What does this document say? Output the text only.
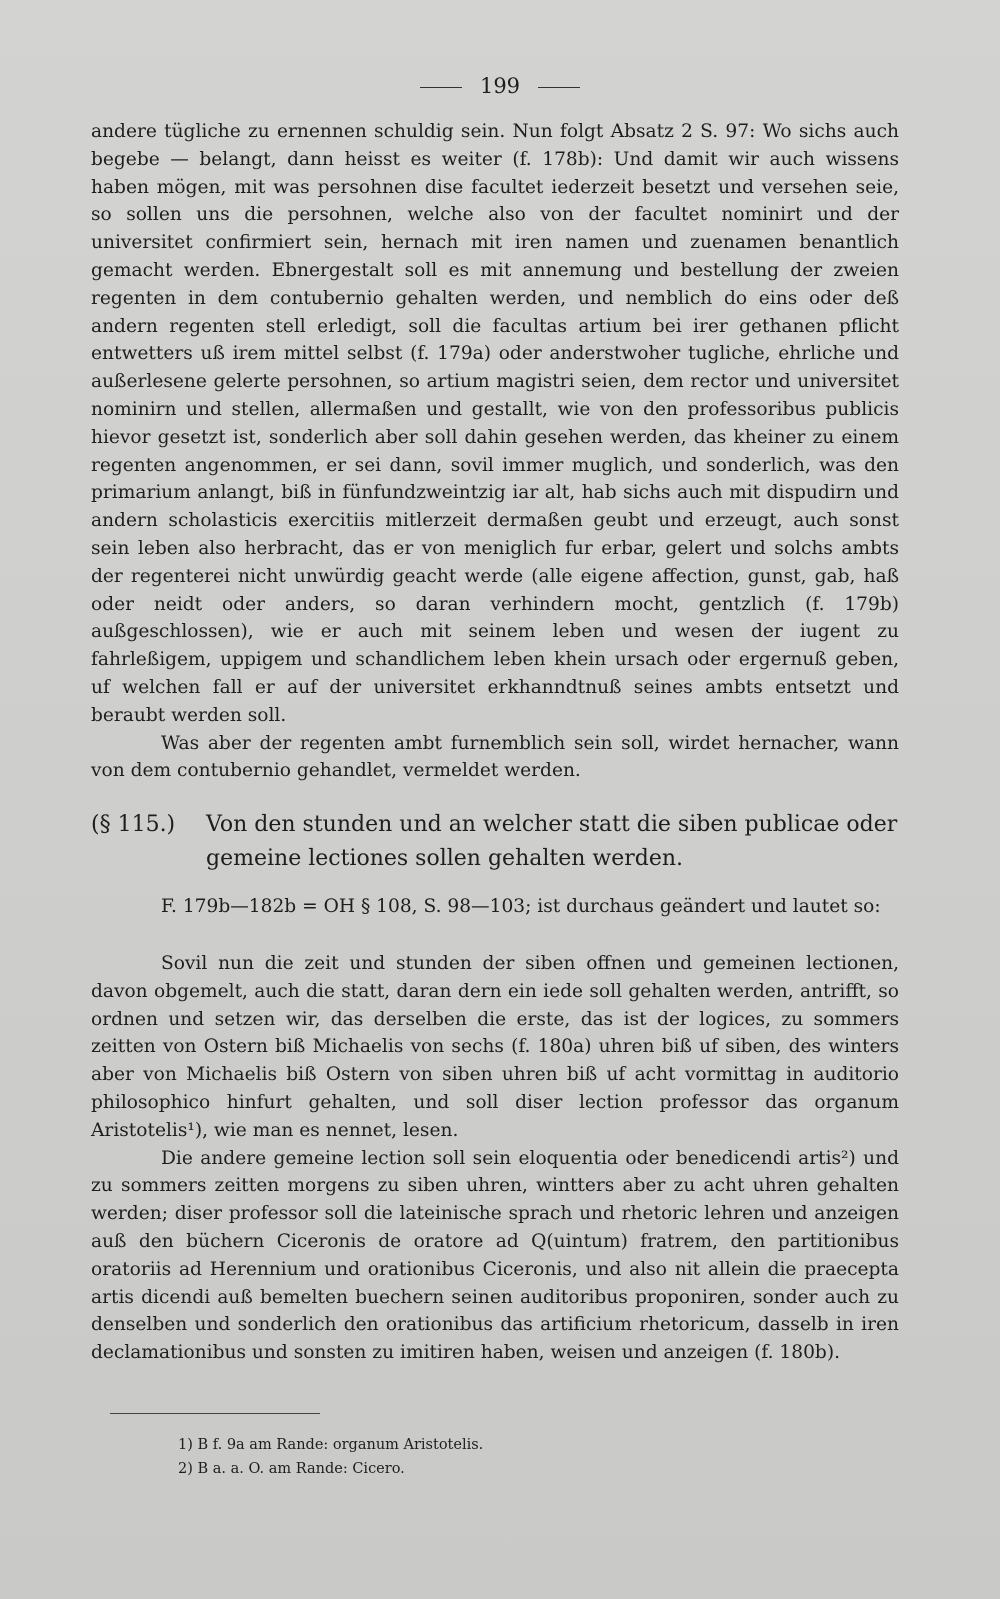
199

andere tügliche zu ernennen schuldig sein. Nun folgt Absatz 2 S. 97: Wo sichs auch begebe — belangt, dann heisst es weiter (f. 178b): Und damit wir auch wissens haben mögen, mit was persohnen dise facultet iederzeit besetzt und versehen seie, so sollen uns die persohnen, welche also von der facultet nominirt und der universitet confirmiert sein, hernach mit iren namen und zuenamen benantlich gemacht werden. Ebnergestalt soll es mit annemung und bestellung der zweien regenten in dem contubernio gehalten werden, und nemblich do eins oder deß andern regenten stell erledigt, soll die facultas artium bei irer gethanen pflicht entwetters uß irem mittel selbst (f. 179a) oder anderstwoher tugliche, ehrliche und außerlesene gelerte persohnen, so artium magistri seien, dem rector und universitet nominirn und stellen, allermaßen und gestallt, wie von den professoribus publicis hievor gesetzt ist, sonderlich aber soll dahin gesehen werden, das kheiner zu einem regenten angenommen, er sei dann, sovil immer muglich, und sonderlich, was den primarium anlangt, biß in fünfundzweintzig iar alt, hab sichs auch mit dispudirn und andern scholasticis exercitiis mitlerzeit dermaßen geubt und erzeugt, auch sonst sein leben also herbracht, das er von meniglich fur erbar, gelert und solchs ambts der regenterei nicht unwürdig geacht werde (alle eigene affection, gunst, gab, haß oder neidt oder anders, so daran verhindern mocht, gentzlich (f. 179b) außgeschlossen), wie er auch mit seinem leben und wesen der iugent zu fahrleßigem, uppigem und schandlichem leben khein ursach oder ergernuß geben, uf welchen fall er auf der universitet erkhanndtnuß seines ambts entsetzt und beraubt werden soll.

Was aber der regenten ambt furnemblich sein soll, wirdet hernacher, wann von dem contubernio gehandlet, vermeldet werden.

(§ 115.) Von den stunden und an welcher statt die siben publicae oder gemeine lectiones sollen gehalten werden.
F. 179b—182b = OH § 108, S. 98—103; ist durchaus geändert und lautet so:

Sovil nun die zeit und stunden der siben offnen und gemeinen lectionen, davon obgemelt, auch die statt, daran dern ein iede soll gehalten werden, antrifft, so ordnen und setzen wir, das derselben die erste, das ist der logices, zu sommers zeitten von Ostern biß Michaelis von sechs (f. 180a) uhren biß uf siben, des winters aber von Michaelis biß Ostern von siben uhren biß uf acht vormittag in auditorio philosophico hinfurt gehalten, und soll diser lection professor das organum Aristotelis¹), wie man es nennet, lesen.

Die andere gemeine lection soll sein eloquentia oder benedicendi artis²) und zu sommers zeitten morgens zu siben uhren, wintters aber zu acht uhren gehalten werden; diser professor soll die lateinische sprach und rhetoric lehren und anzeigen auß den büchern Ciceronis de oratore ad Q(uintum) fratrem, den partitionibus oratoriis ad Herennium und orationibus Ciceronis, und also nit allein die praecepta artis dicendi auß bemelten buechern seinen auditoribus proponiren, sonder auch zu denselben und sonderlich den orationibus das artificium rhetoricum, dasselb in iren declamationibus und sonsten zu imitiren haben, weisen und anzeigen (f. 180b).

1) B f. 9a am Rande: organum Aristotelis.
2) B a. a. O. am Rande: Cicero.
